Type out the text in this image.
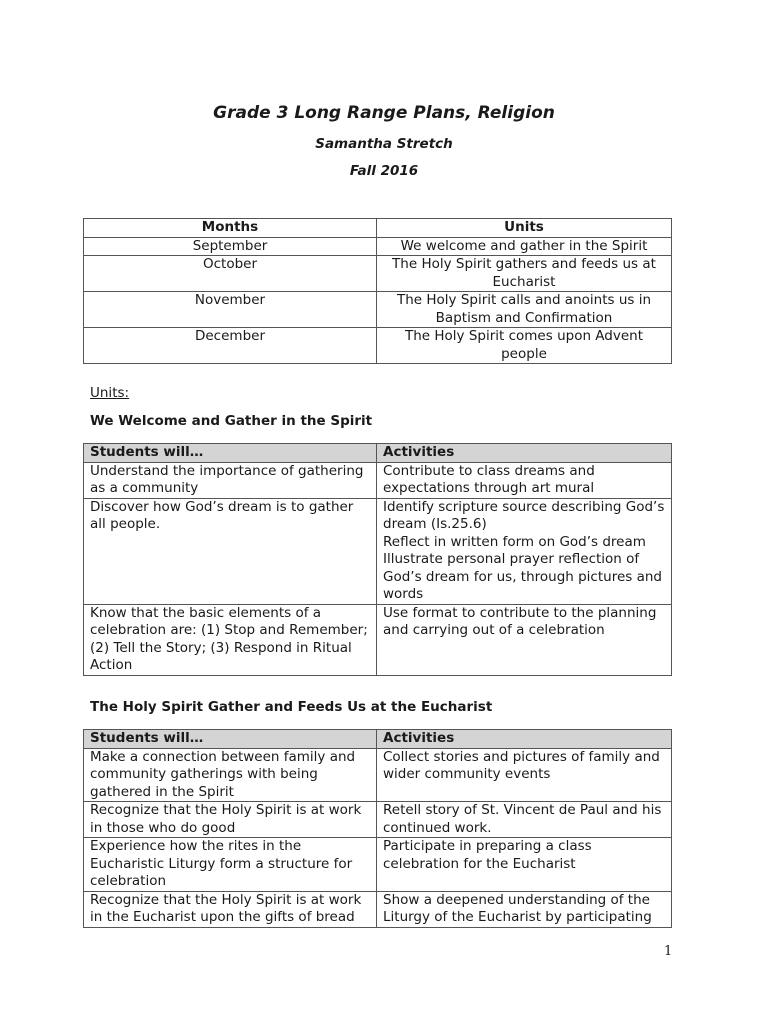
Grade 3 Long Range Plans, Religion

Samantha Stretch

Fall 2016

Months	Units
September	We welcome and gather in the Spirit
October	The Holy Spirit gathers and feeds us at Eucharist
November	The Holy Spirit calls and anoints us in Baptism and Confirmation
December	The Holy Spirit comes upon Advent people

Units:

We Welcome and Gather in the Spirit

Students will…	Activities
Understand the importance of gathering as a community	Contribute to class dreams and expectations through art mural

Discover how God’s dream is to gather all people.	Identify scripture source describing God’s dream (Is.25.6)
Reflect in written form on God’s dream
Illustrate personal prayer reflection of God’s dream for us, through pictures and words

Know that the basic elements of a celebration are: (1) Stop and Remember; (2) Tell the Story; (3) Respond in Ritual Action	Use format to contribute to the planning and carrying out of a celebration

The Holy Spirit Gather and Feeds Us at the Eucharist

Students will…	Activities
Make a connection between family and community gatherings with being gathered in the Spirit	Collect stories and pictures of family and wider community events

Recognize that the Holy Spirit is at work in those who do good	Retell story of St. Vincent de Paul and his continued work.

Experience how the rites in the Eucharistic Liturgy form a structure for celebration	Participate in preparing a class celebration for the Eucharist

Recognize that the Holy Spirit is at work in the Eucharist upon the gifts of bread	Show a deepened understanding of the Liturgy of the Eucharist by participating
1
